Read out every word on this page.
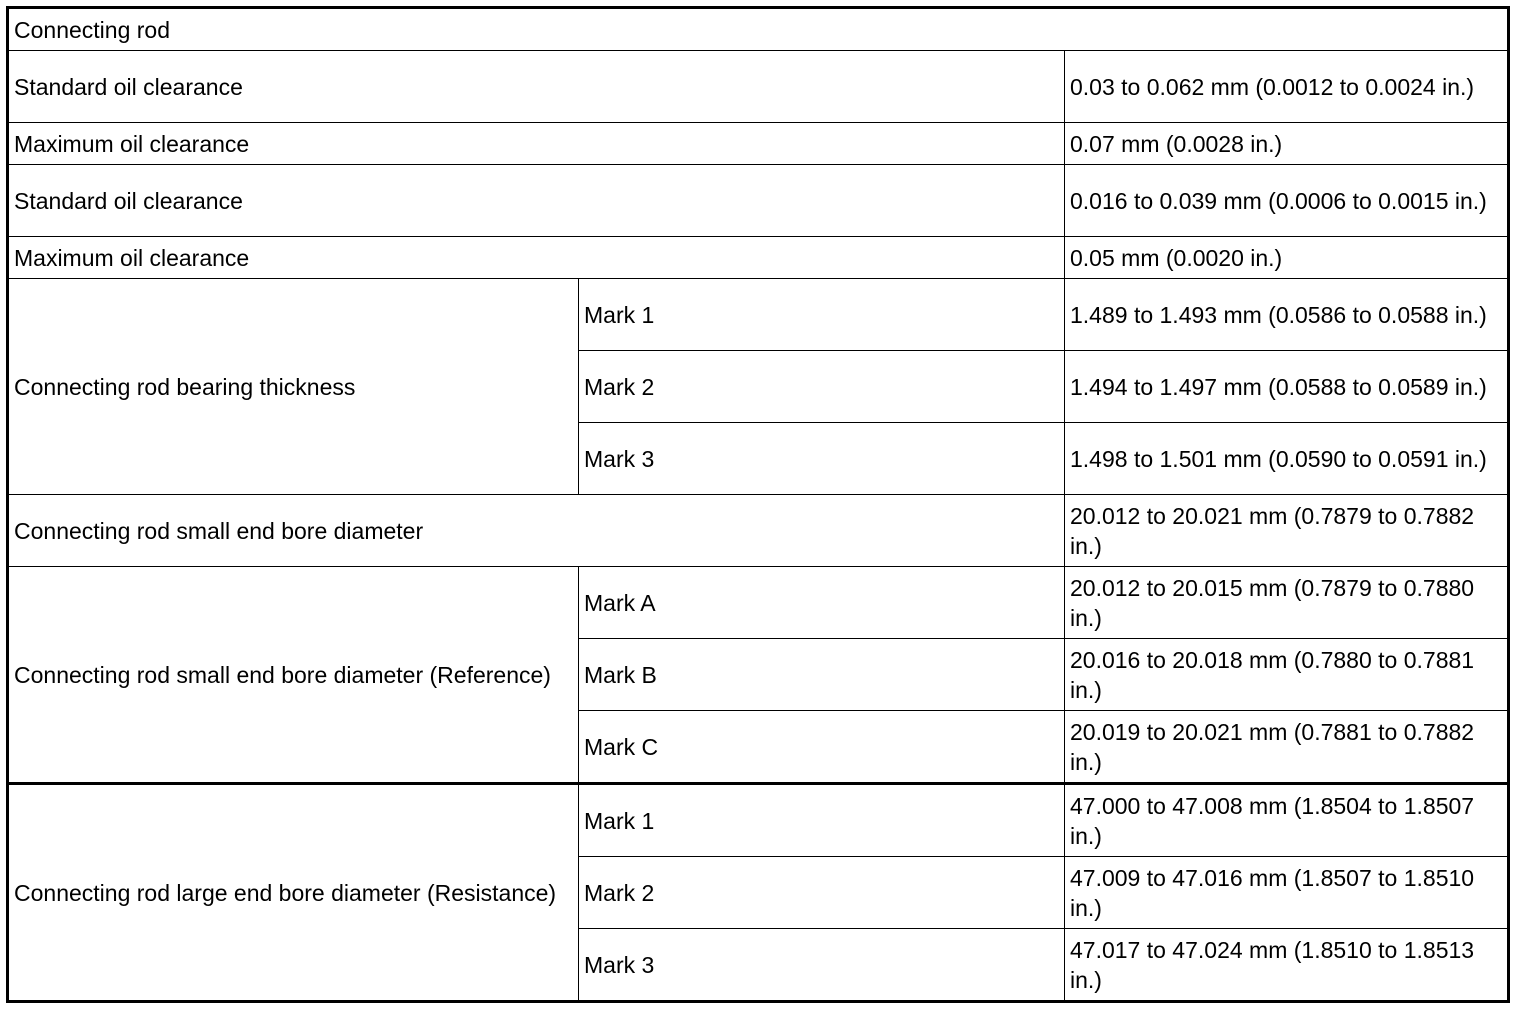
Connecting rod		
Standard oil clearance		0.03 to 0.062 mm (0.0012 to 0.0024 in.)
Maximum oil clearance		0.07 mm (0.0028 in.)
Standard oil clearance		0.016 to 0.039 mm (0.0006 to 0.0015 in.)
Maximum oil clearance		0.05 mm (0.0020 in.)
Connecting rod bearing thickness	Mark 1	1.489 to 1.493 mm (0.0586 to 0.0588 in.)
	Mark 2	1.494 to 1.497 mm (0.0588 to 0.0589 in.)
	Mark 3	1.498 to 1.501 mm (0.0590 to 0.0591 in.)
Connecting rod small end bore diameter		20.012 to 20.021 mm (0.7879 to 0.7882 in.)
Connecting rod small end bore diameter (Reference)	Mark A	20.012 to 20.015 mm (0.7879 to 0.7880 in.)
	Mark B	20.016 to 20.018 mm (0.7880 to 0.7881 in.)
	Mark C	20.019 to 20.021 mm (0.7881 to 0.7882 in.)
Connecting rod large end bore diameter (Resistance)	Mark 1	47.000 to 47.008 mm (1.8504 to 1.8507 in.)
	Mark 2	47.009 to 47.016 mm (1.8507 to 1.8510 in.)
	Mark 3	47.017 to 47.024 mm (1.8510 to 1.8513 in.)
